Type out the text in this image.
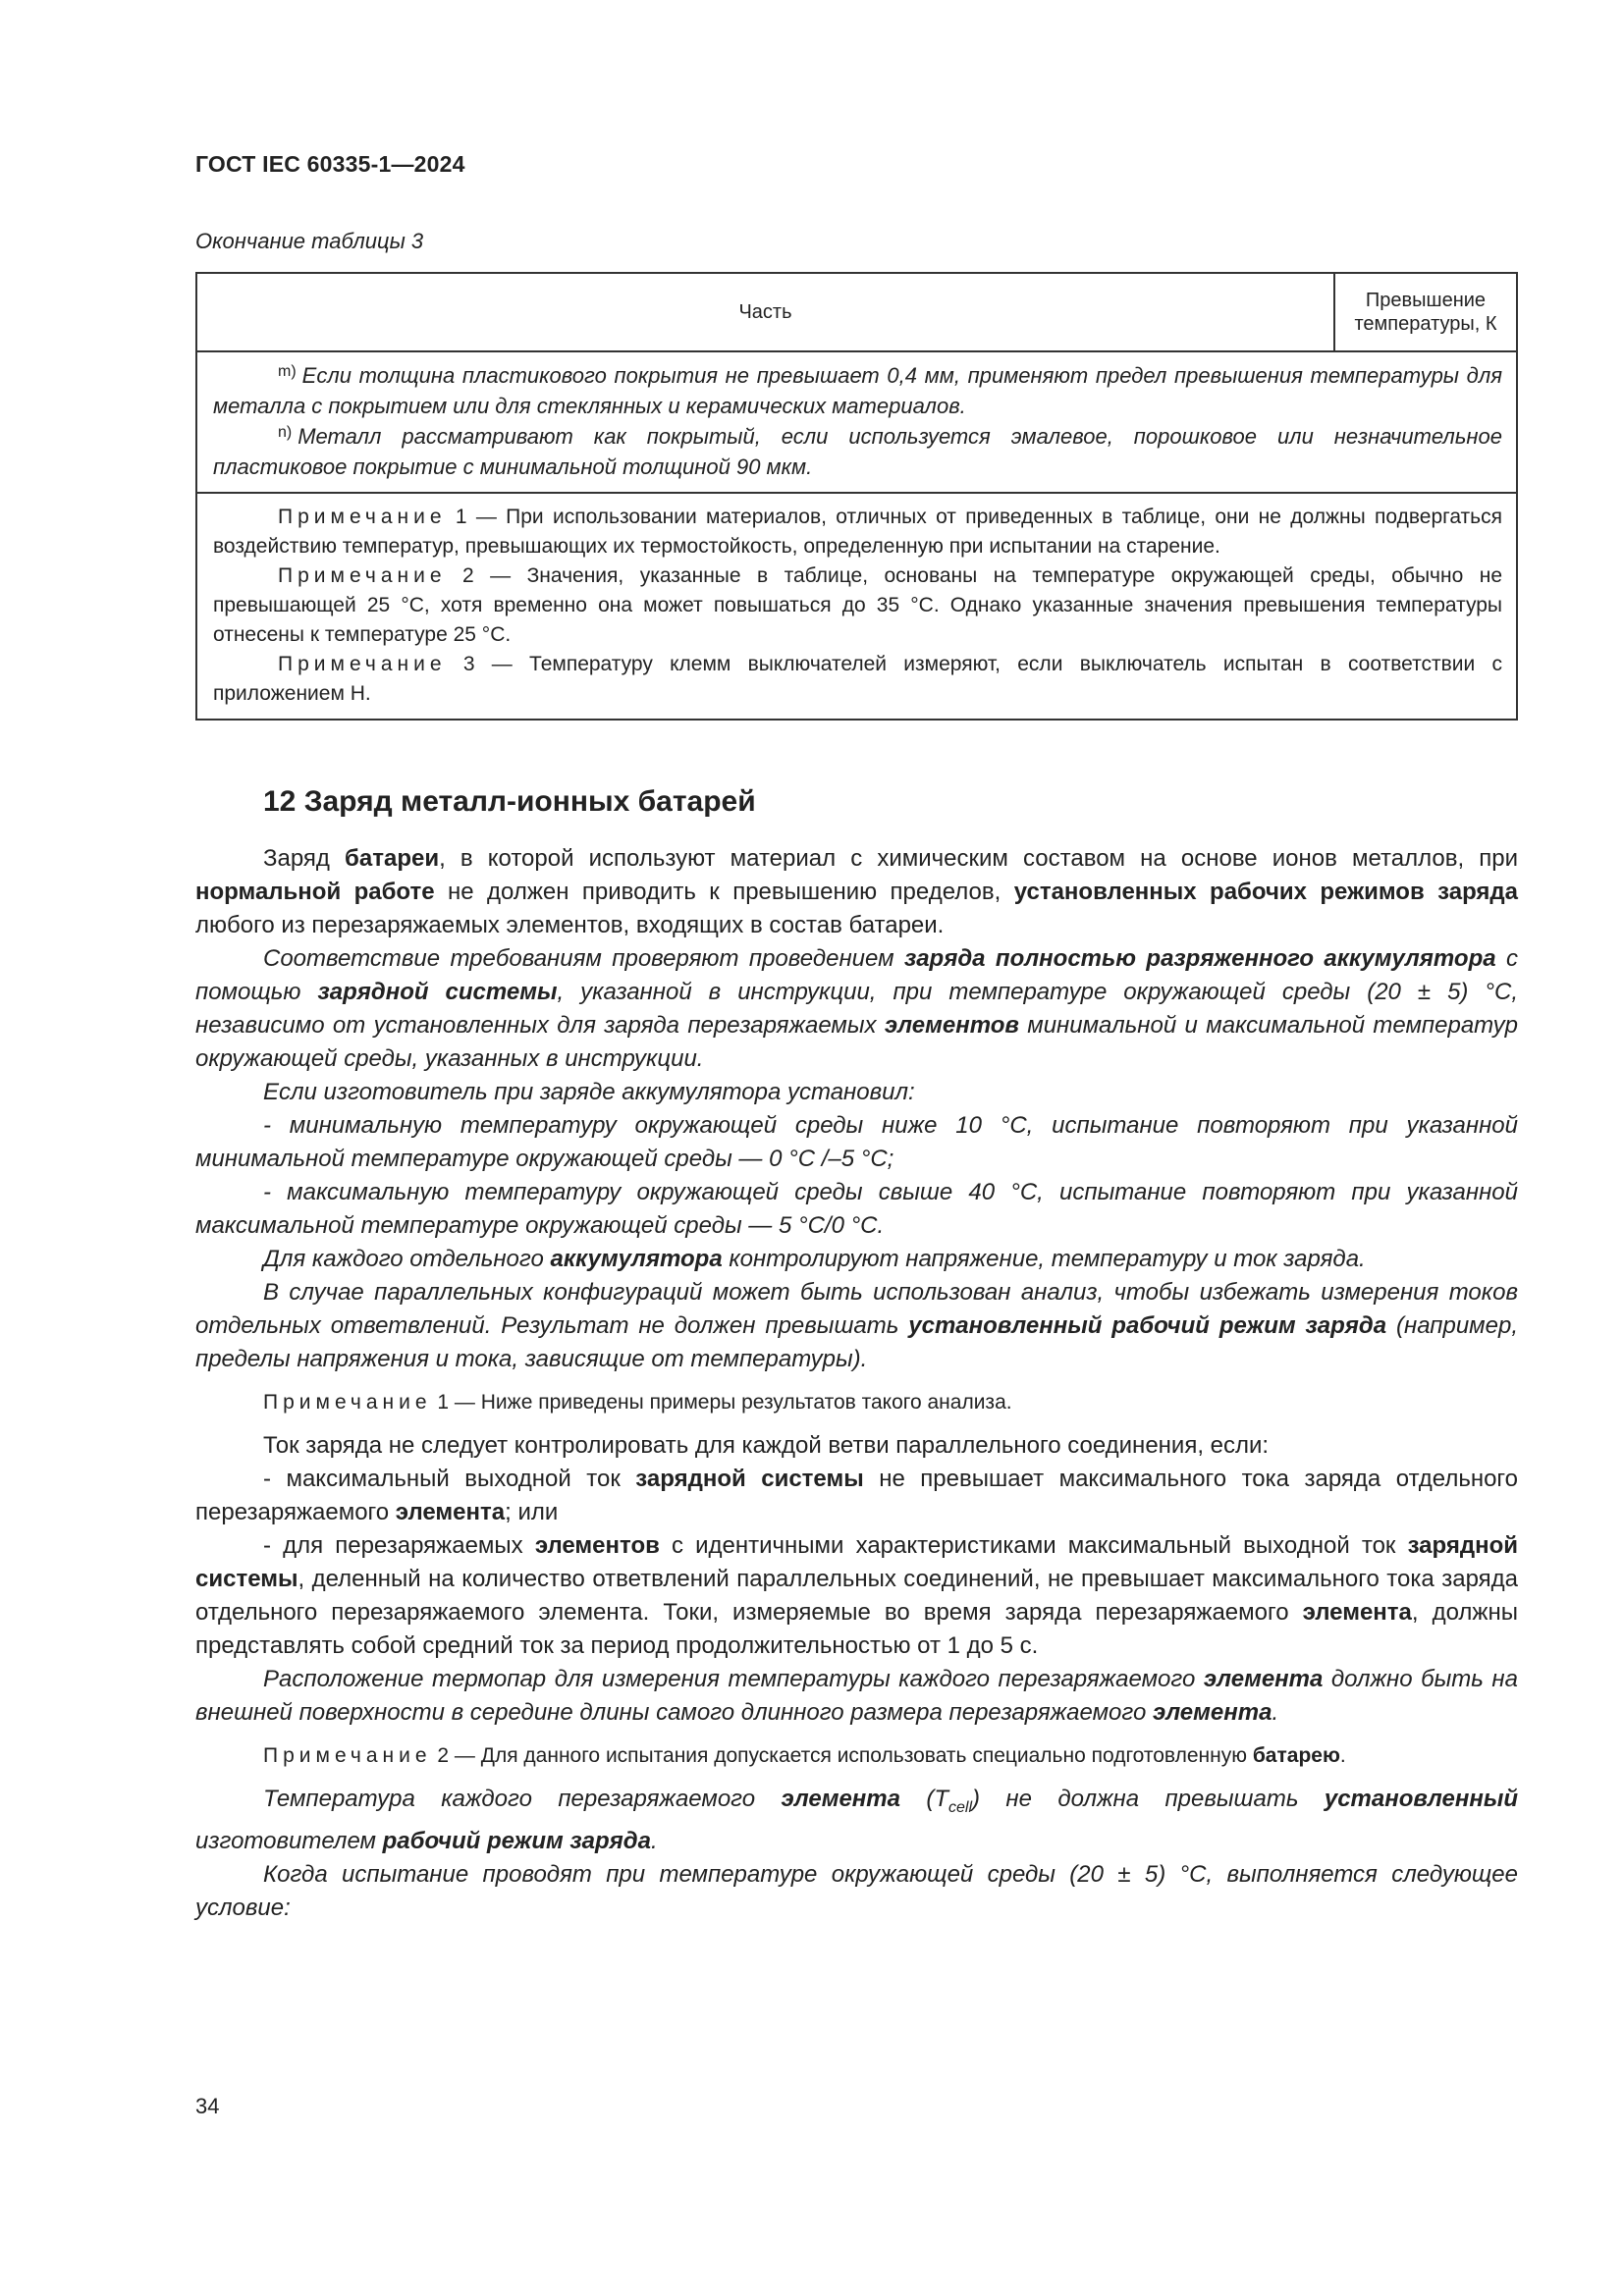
ГОСТ IEC 60335-1—2024
Окончание таблицы 3
Часть
Превышение
температуры, К
$^{m)}$ Если толщина пластикового покрытия не превышает 0,4 мм, применяют предел превышения температуры для металла с покрытием или для стеклянных и керамических материалов.
$^{n)}$ Металл рассматривают как покрытый, если используется эмалевое, порошковое или незначительное пластиковое покрытие с минимальной толщиной 90 мкм.
Примечание 1 — При использовании материалов, отличных от приведенных в таблице, они не должны подвергаться воздействию температур, превышающих их термостойкость, определенную при испытании на старение.
Примечание 2 — Значения, указанные в таблице, основаны на температуре окружающей среды, обычно не превышающей 25 °С, хотя временно она может повышаться до 35 °С. Однако указанные значения превышения температуры отнесены к температуре 25 °С.
Примечание 3 — Температуру клемм выключателей измеряют, если выключатель испытан в соответствии с приложением Н.
12 Заряд металл-ионных батарей

Заряд батареи, в которой используют материал с химическим составом на основе ионов металлов, при нормальной работе не должен приводить к превышению пределов, установленных рабочих режимов заряда любого из перезаряжаемых элементов, входящих в состав батареи.

Соответствие требованиям проверяют проведением заряда полностью разряженного аккумулятора с помощью зарядной системы, указанной в инструкции, при температуре окружающей среды (20 ± 5) °С, независимо от установленных для заряда перезаряжаемых элементов минимальной и максимальной температур окружающей среды, указанных в инструкции.

Если изготовитель при заряде аккумулятора установил:

- минимальную температуру окружающей среды ниже 10 °С, испытание повторяют при указанной минимальной температуре окружающей среды — 0 °С /–5 °С;

- максимальную температуру окружающей среды свыше 40 °С, испытание повторяют при указанной максимальной температуре окружающей среды — 5 °С/0 °С.

Для каждого отдельного аккумулятора контролируют напряжение, температуру и ток заряда.

В случае параллельных конфигураций может быть использован анализ, чтобы избежать измерения токов отдельных ответвлений. Результат не должен превышать установленный рабочий режим заряда (например, пределы напряжения и тока, зависящие от температуры).

Примечание 1 — Ниже приведены примеры результатов такого анализа.

Ток заряда не следует контролировать для каждой ветви параллельного соединения, если:

- максимальный выходной ток зарядной системы не превышает максимального тока заряда отдельного перезаряжаемого элемента; или

- для перезаряжаемых элементов с идентичными характеристиками максимальный выходной ток зарядной системы, деленный на количество ответвлений параллельных соединений, не превышает максимального тока заряда отдельного перезаряжаемого элемента. Токи, измеряемые во время заряда перезаряжаемого элемента, должны представлять собой средний ток за период продолжительностью от 1 до 5 с.

Расположение термопар для измерения температуры каждого перезаряжаемого элемента должно быть на внешней поверхности в середине длины самого длинного размера перезаряжаемого элемента.

Примечание 2 — Для данного испытания допускается использовать специально подготовленную батарею.

Температура каждого перезаряжаемого элемента $(T_{cell})$ не должна превышать установленный изготовителем рабочий режим заряда.

Когда испытание проводят при температуре окружающей среды (20 ± 5) °С, выполняется следующее условие:

34
